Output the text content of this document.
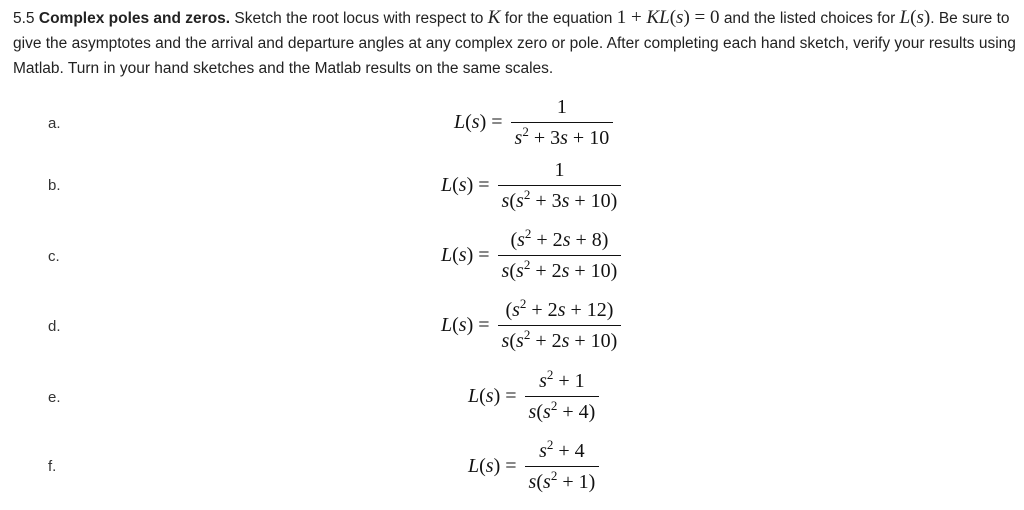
5.5 Complex poles and zeros. Sketch the root locus with respect to K for the equation 1 + KL(s) = 0 and the listed choices for L(s). Be sure to give the asymptotes and the arrival and departure angles at any complex zero or pole. After completing each hand sketch, verify your results using Matlab. Turn in your hand sketches and the Matlab results on the same scales.
a.	$L(s) = \frac{1}{s^2 + 3s + 10}$
b.	$L(s) = \frac{1}{s(s^2 + 3s + 10)}$
c.	$L(s) = \frac{(s^2 + 2s + 8)}{s(s^2 + 2s + 10)}$
d.	$L(s) = \frac{(s^2 + 2s + 12)}{s(s^2 + 2s + 10)}$
e.	$L(s) = \frac{s^2 + 1}{s(s^2 + 4)}$
f.	$L(s) = \frac{s^2 + 4}{s(s^2 + 1)}$
